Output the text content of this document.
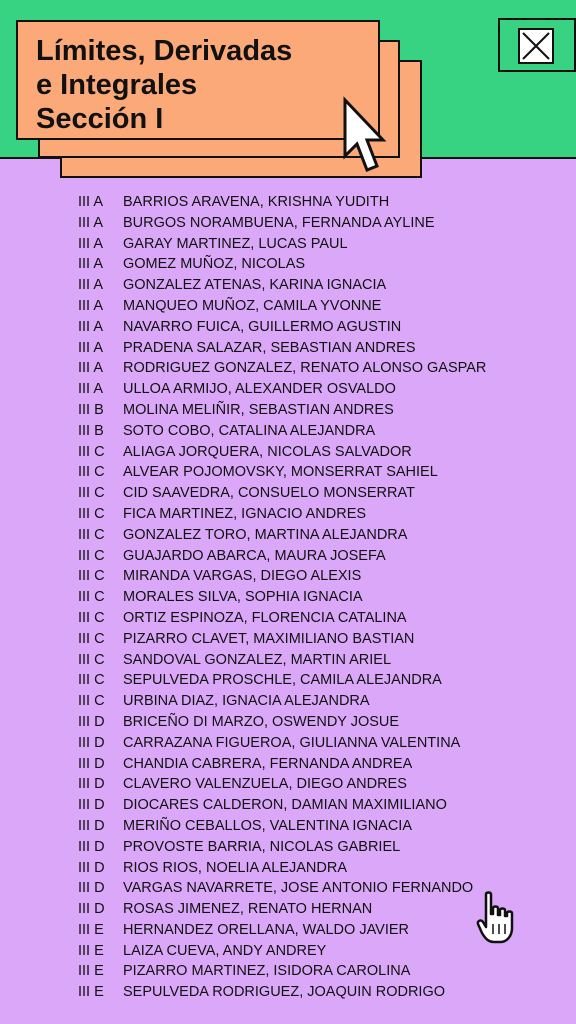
Límites, Derivadas
e Integrales
Sección I
III A BARRIOS ARAVENA, KRISHNA YUDITH
III A BURGOS NORAMBUENA, FERNANDA AYLINE
III A GARAY MARTINEZ, LUCAS PAUL
III A GOMEZ MUÑOZ, NICOLAS
III A GONZALEZ ATENAS, KARINA IGNACIA
III A MANQUEO MUÑOZ, CAMILA YVONNE
III A NAVARRO FUICA, GUILLERMO AGUSTIN
III A PRADENA SALAZAR, SEBASTIAN ANDRES
III A RODRIGUEZ GONZALEZ, RENATO ALONSO GASPAR
III A ULLOA ARMIJO, ALEXANDER OSVALDO
III B MOLINA MELIÑIR, SEBASTIAN ANDRES
III B SOTO COBO, CATALINA ALEJANDRA
III C ALIAGA JORQUERA, NICOLAS SALVADOR
III C ALVEAR POJOMOVSKY, MONSERRAT SAHIEL
III C CID SAAVEDRA, CONSUELO MONSERRAT
III C FICA MARTINEZ, IGNACIO ANDRES
III C GONZALEZ TORO, MARTINA ALEJANDRA
III C GUAJARDO ABARCA, MAURA JOSEFA
III C MIRANDA VARGAS, DIEGO ALEXIS
III C MORALES SILVA, SOPHIA IGNACIA
III C ORTIZ ESPINOZA, FLORENCIA CATALINA
III C PIZARRO CLAVET, MAXIMILIANO BASTIAN
III C SANDOVAL GONZALEZ, MARTIN ARIEL
III C SEPULVEDA PROSCHLE, CAMILA ALEJANDRA
III C URBINA DIAZ, IGNACIA ALEJANDRA
III D BRICEÑO DI MARZO, OSWENDY JOSUE
III D CARRAZANA FIGUEROA, GIULIANNA VALENTINA
III D CHANDIA CABRERA, FERNANDA ANDREA
III D CLAVERO VALENZUELA, DIEGO ANDRES
III D DIOCARES CALDERON, DAMIAN MAXIMILIANO
III D MERIÑO CEBALLOS, VALENTINA IGNACIA
III D PROVOSTE BARRIA, NICOLAS GABRIEL
III D RIOS RIOS, NOELIA ALEJANDRA
III D VARGAS NAVARRETE, JOSE ANTONIO FERNANDO
III D ROSAS JIMENEZ, RENATO HERNAN
III E HERNANDEZ ORELLANA, WALDO JAVIER
III E LAIZA CUEVA, ANDY ANDREY
III E PIZARRO MARTINEZ, ISIDORA CAROLINA
III E SEPULVEDA RODRIGUEZ, JOAQUIN RODRIGO
